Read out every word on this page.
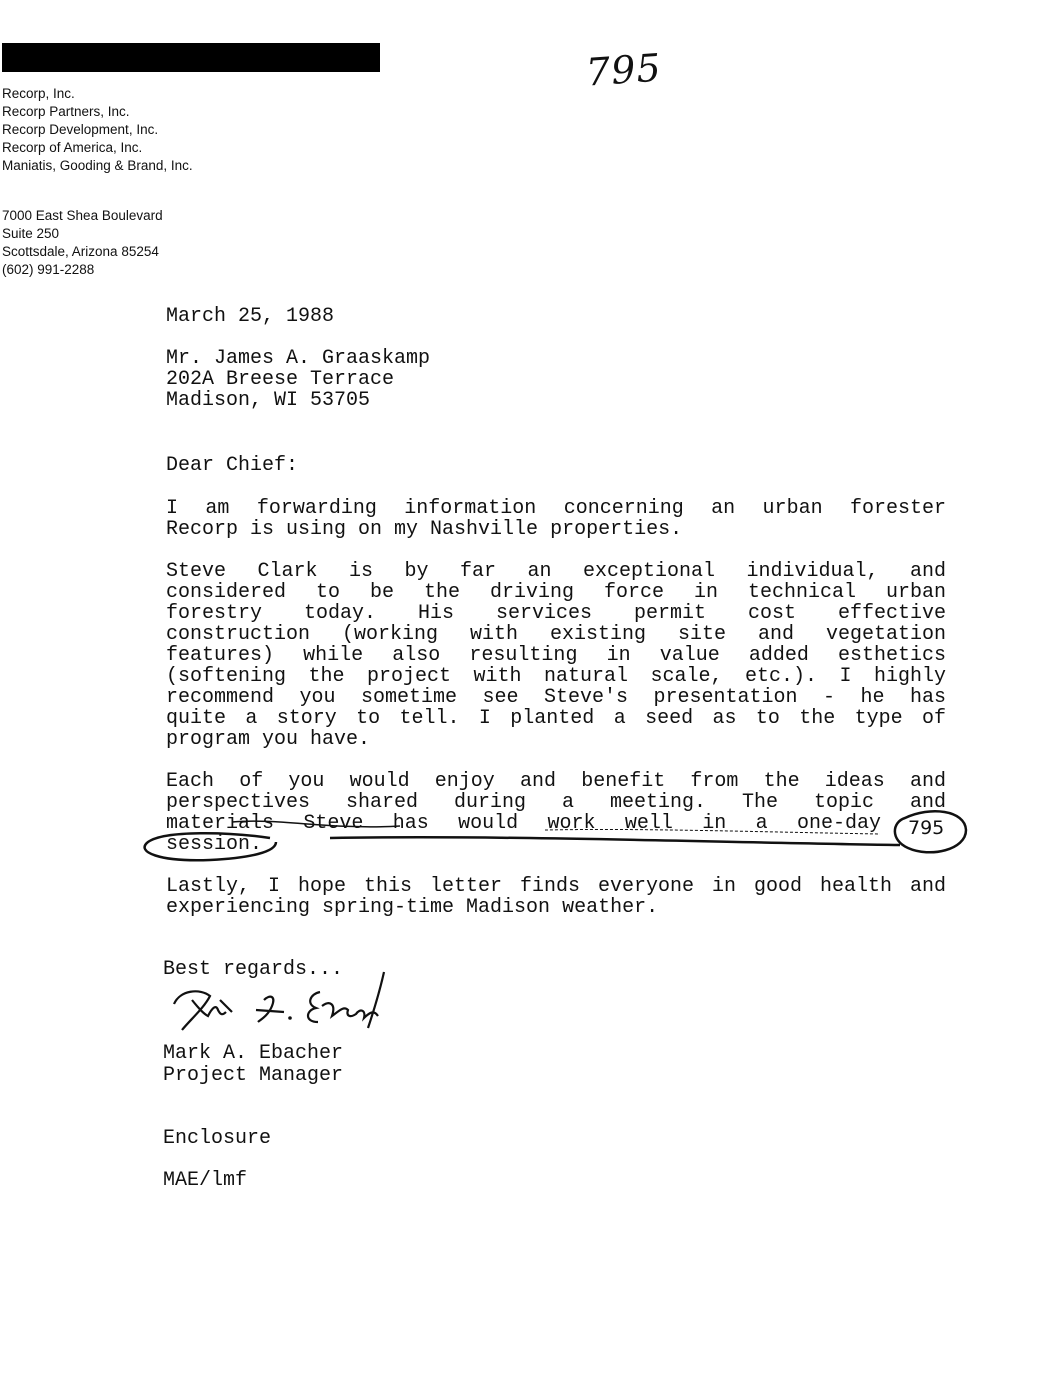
795
Recorp, Inc.
Recorp Partners, Inc.
Recorp Development, Inc.
Recorp of America, Inc.
Maniatis, Gooding & Brand, Inc.
7000 East Shea Boulevard
Suite 250
Scottsdale, Arizona 85254
(602) 991-2288
March 25, 1988
Mr. James A. Graaskamp
202A Breese Terrace
Madison, WI 53705
Dear Chief:
I am forwarding information concerning an urban forester
Recorp is using on my Nashville properties.
Steve Clark is by far an exceptional individual, and
considered to be the driving force in technical urban
forestry today. His services permit cost effective
construction (working with existing site and vegetation
features) while also resulting in value added esthetics
(softening the project with natural scale, etc.). I highly
recommend you sometime see Steve's presentation - he has
quite a story to tell. I planted a seed as to the type of
program you have.
Each of you would enjoy and benefit from the ideas and
perspectives shared during a meeting. The topic and
materials Steve has would work well in a one-day
session.
Lastly, I hope this letter finds everyone in good health and
experiencing spring-time Madison weather.
795
Best regards...
Mark A. Ebacher
Project Manager
Enclosure
MAE/lmf
